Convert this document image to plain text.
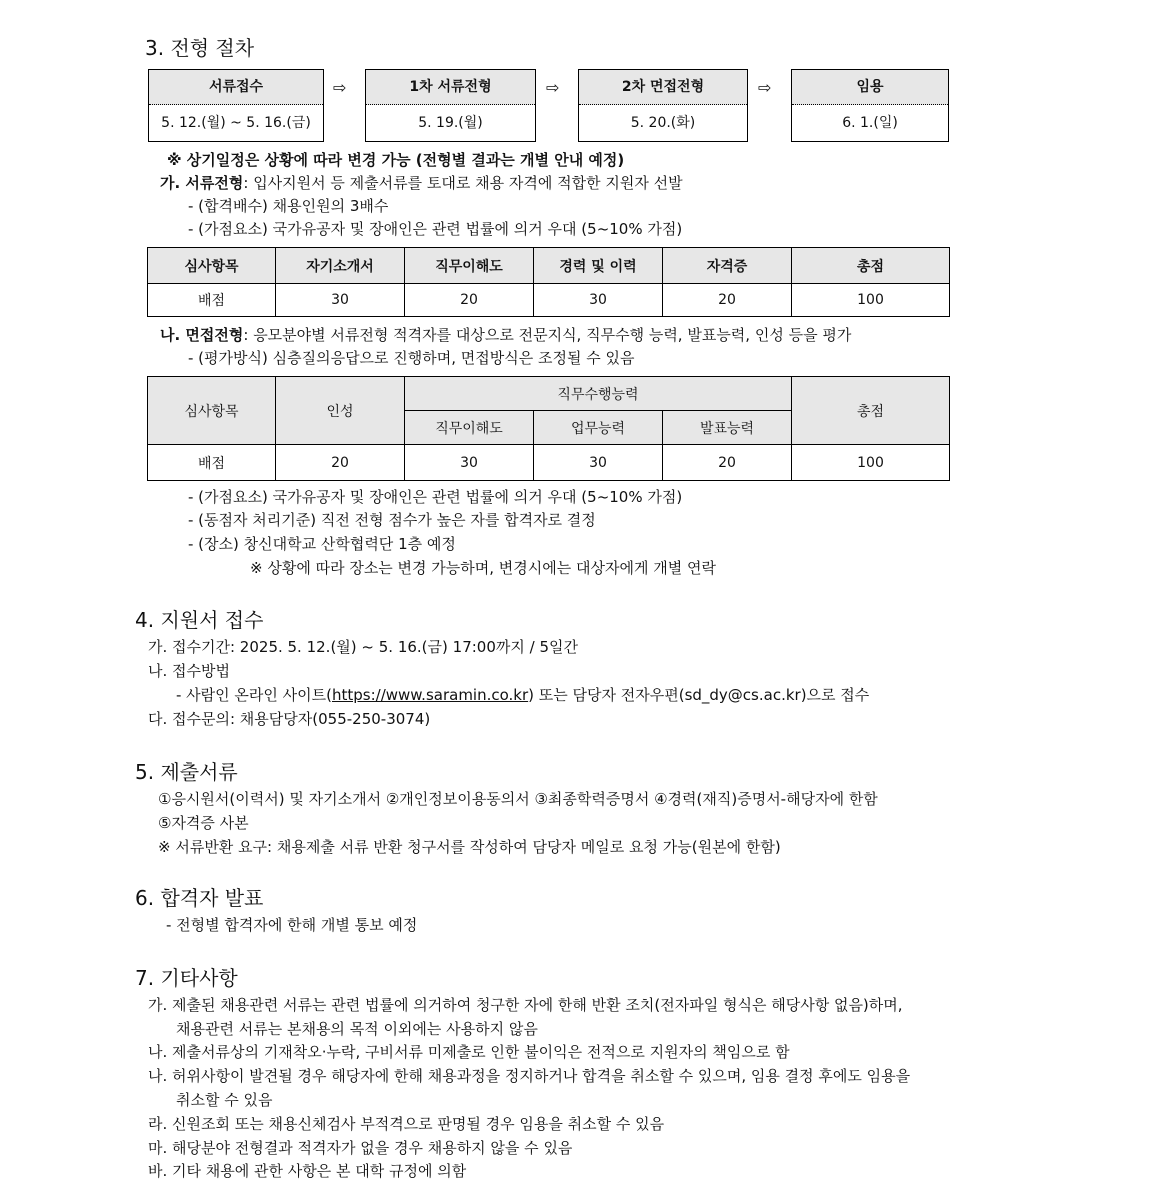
3. 전형 절차
서류접수
5. 12.(월) ~ 5. 16.(금)
⇨	1차 서류전형
5. 19.(월)
⇨	2차 면접전형
5. 20.(화)
⇨	임용
6. 1.(일)
※ 상기일정은 상황에 따라 변경 가능 (전형별 결과는 개별 안내 예정)
가. 서류전형: 입사지원서 등 제출서류를 토대로 채용 자격에 적합한 지원자 선발
- (합격배수) 채용인원의 3배수
- (가점요소) 국가유공자 및 장애인은 관련 법률에 의거 우대 (5~10% 가점)
심사항목	자기소개서	직무이해도	경력 및 이력	자격증	총점
배점	30	20	30	20	100
나. 면접전형: 응모분야별 서류전형 적격자를 대상으로 전문지식, 직무수행 능력, 발표능력, 인성 등을 평가
- (평가방식) 심층질의응답으로 진행하며, 면접방식은 조정될 수 있음
심사항목	인성	직무수행능력			총점
		직무이해도	업무능력	발표능력	
배점	20	30	30	20	100
- (가점요소) 국가유공자 및 장애인은 관련 법률에 의거 우대 (5~10% 가점)
- (동점자 처리기준) 직전 전형 점수가 높은 자를 합격자로 결정
- (장소) 창신대학교 산학협력단 1층 예정
※ 상황에 따라 장소는 변경 가능하며, 변경시에는 대상자에게 개별 연락
4. 지원서 접수
가. 접수기간: 2025. 5. 12.(월) ~ 5. 16.(금) 17:00까지 / 5일간
나. 접수방법
- 사람인 온라인 사이트(https://www.saramin.co.kr) 또는 담당자 전자우편(sd_dy@cs.ac.kr)으로 접수
다. 접수문의: 채용담당자(055-250-3074)
5. 제출서류
①응시원서(이력서) 및 자기소개서 ②개인정보이용동의서 ③최종학력증명서 ④경력(재직)증명서-해당자에 한함
⑤자격증 사본
※ 서류반환 요구: 채용제출 서류 반환 청구서를 작성하여 담당자 메일로 요청 가능(원본에 한함)
6. 합격자 발표
- 전형별 합격자에 한해 개별 통보 예정
7. 기타사항
가. 제출된 채용관련 서류는 관련 법률에 의거하여 청구한 자에 한해 반환 조치(전자파일 형식은 해당사항 없음)하며,
채용관련 서류는 본채용의 목적 이외에는 사용하지 않음
나. 제출서류상의 기재착오·누락, 구비서류 미제출로 인한 불이익은 전적으로 지원자의 책임으로 함
나. 허위사항이 발견될 경우 해당자에 한해 채용과정을 정지하거나 합격을 취소할 수 있으며, 임용 결정 후에도 임용을
취소할 수 있음
라. 신원조회 또는 채용신체검사 부적격으로 판명될 경우 임용을 취소할 수 있음
마. 해당분야 전형결과 적격자가 없을 경우 채용하지 않을 수 있음
바. 기타 채용에 관한 사항은 본 대학 규정에 의함
